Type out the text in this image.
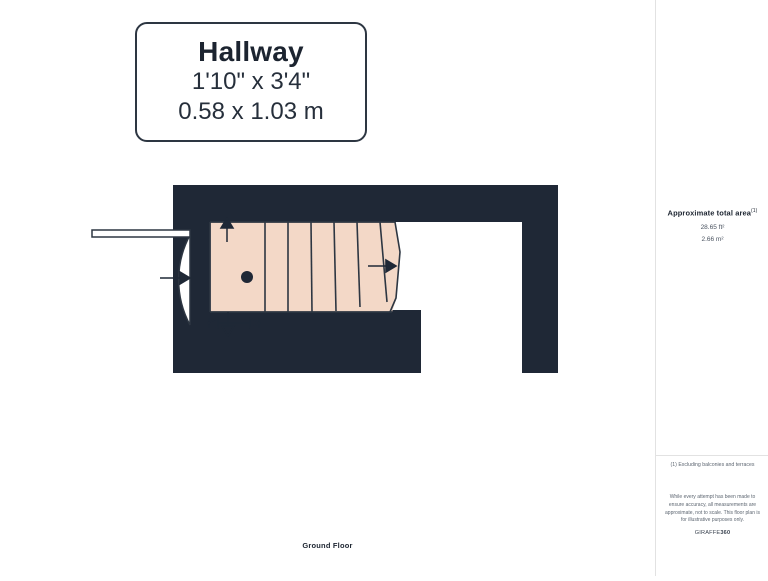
Hallway
1'10" x 3'4"
0.58 x 1.03 m
Ground Floor
Approximate total area$^{(1)}$
28.65 ft²
2.66 m²
(1) Excluding balconies and terraces
While every attempt has been made to ensure accuracy, all measurements are approximate, not to scale. This floor plan is for illustrative purposes only.
GIRAFFE360
